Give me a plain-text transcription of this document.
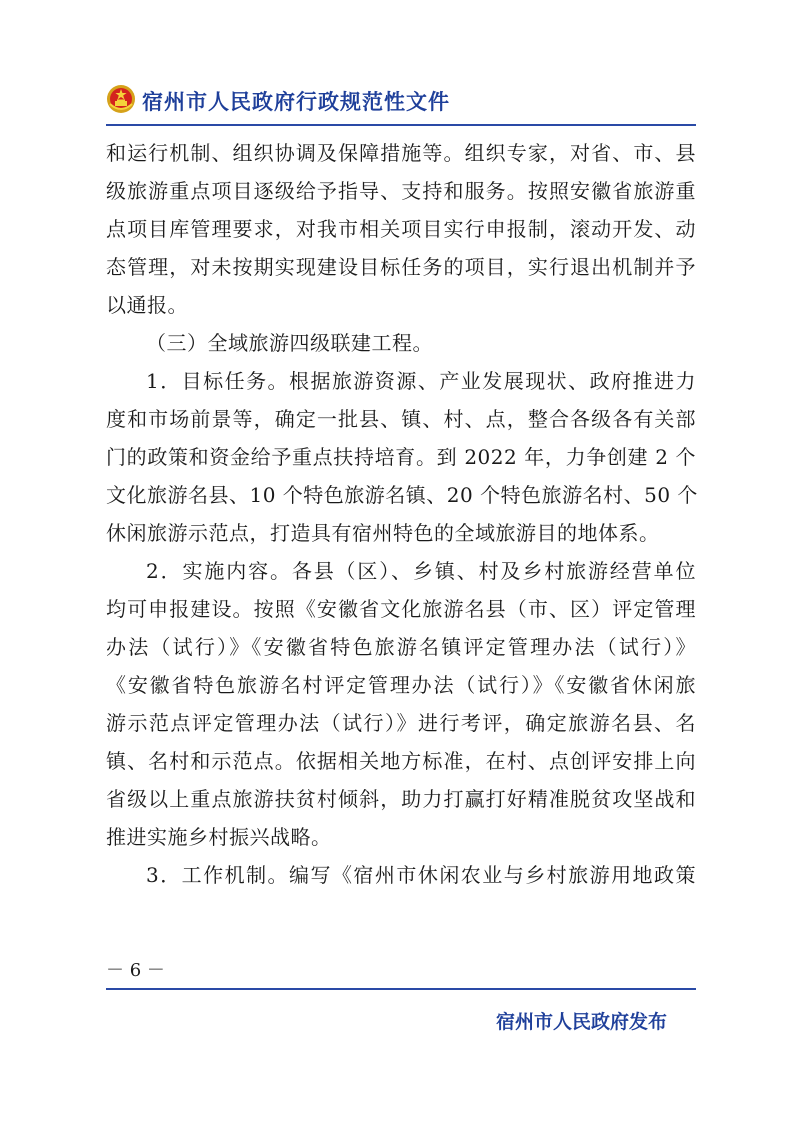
宿州市人民政府行政规范性文件
和运行机制、组织协调及保障措施等。组织专家，对省、市、县
级旅游重点项目逐级给予指导、支持和服务。按照安徽省旅游重
点项目库管理要求，对我市相关项目实行申报制，滚动开发、动
态管理，对未按期实现建设目标任务的项目，实行退出机制并予
以通报。
（三）全域旅游四级联建工程。
1．目标任务。根据旅游资源、产业发展现状、政府推进力
度和市场前景等，确定一批县、镇、村、点，整合各级各有关部
门的政策和资金给予重点扶持培育。到 2022 年，力争创建 2 个
文化旅游名县、10 个特色旅游名镇、20 个特色旅游名村、50 个
休闲旅游示范点，打造具有宿州特色的全域旅游目的地体系。
2．实施内容。各县（区）、乡镇、村及乡村旅游经营单位
均可申报建设。按照《安徽省文化旅游名县（市、区）评定管理
办法（试行）》《安徽省特色旅游名镇评定管理办法（试行）》
《安徽省特色旅游名村评定管理办法（试行）》《安徽省休闲旅
游示范点评定管理办法（试行）》进行考评，确定旅游名县、名
镇、名村和示范点。依据相关地方标准，在村、点创评安排上向
省级以上重点旅游扶贫村倾斜，助力打赢打好精准脱贫攻坚战和
推进实施乡村振兴战略。
3．工作机制。编写《宿州市休闲农业与乡村旅游用地政策
－ 6 －
宿州市人民政府发布
